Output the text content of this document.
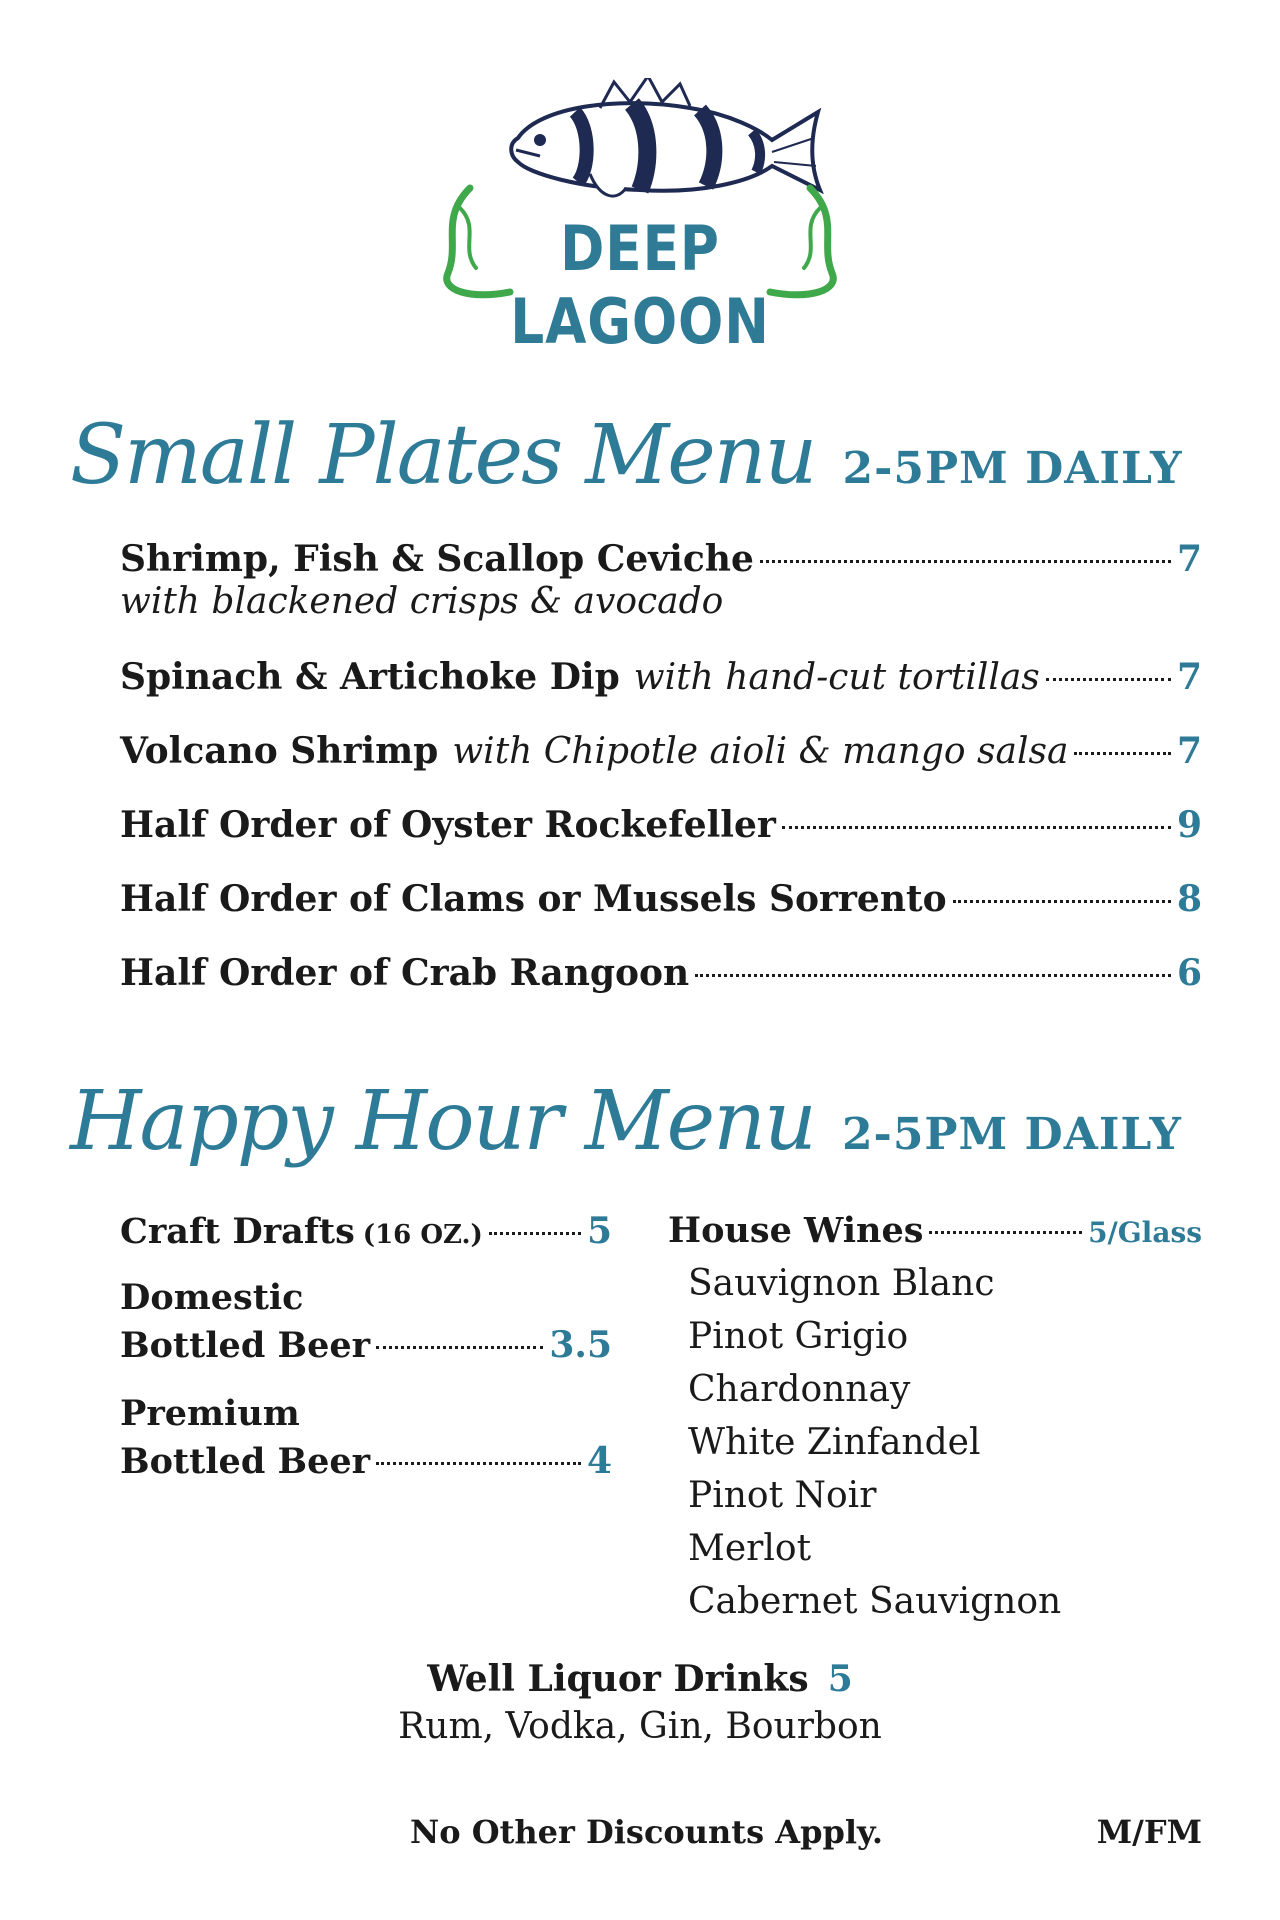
DEEP LAGOON
Small Plates Menu 2-5PM DAILY
Shrimp, Fish & Scallop Ceviche	7
with blackened crisps & avocado
Spinach & Artichoke Dip with hand-cut tortillas	7
Volcano Shrimp with Chipotle aioli & mango salsa	7
Half Order of Oyster Rockefeller	9
Half Order of Clams or Mussels Sorrento	8
Half Order of Crab Rangoon	6
Happy Hour Menu 2-5PM DAILY
Craft Drafts (16 OZ.)	5
Domestic
Bottled Beer	3.5
Premium
Bottled Beer	4
House Wines	5/Glass
Sauvignon Blanc
Pinot Grigio
Chardonnay
White Zinfandel
Pinot Noir
Merlot
Cabernet Sauvignon
Well Liquor Drinks 5
Rum, Vodka, Gin, Bourbon
No Other Discounts Apply.	M/FM
